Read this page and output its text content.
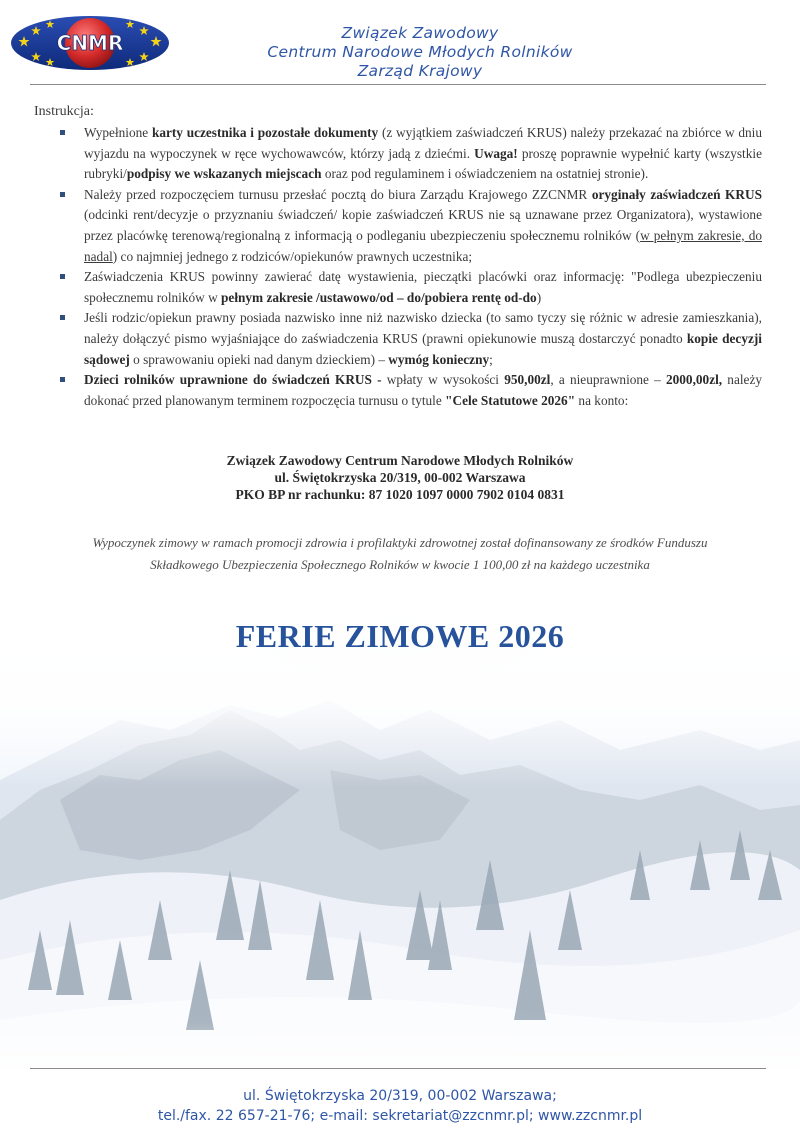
CNMR	Związek Zawodowy
Centrum Narodowe Młodych Rolników
Zarząd Krajowy
Instrukcja:
Wypełnione karty uczestnika i pozostałe dokumenty (z wyjątkiem zaświadczeń KRUS) należy przekazać na zbiórce w dniu wyjazdu na wypoczynek w ręce wychowawców, którzy jadą z dziećmi. Uwaga! proszę poprawnie wypełnić karty (wszystkie rubryki/podpisy we wskazanych miejscach oraz pod regulaminem i oświadczeniem na ostatniej stronie).
Należy przed rozpoczęciem turnusu przesłać pocztą do biura Zarządu Krajowego ZZCNMR oryginały zaświadczeń KRUS (odcinki rent/decyzje o przyznaniu świadczeń/ kopie zaświadczeń KRUS nie są uznawane przez Organizatora), wystawione przez placówkę terenową/regionalną z informacją o podleganiu ubezpieczeniu społecznemu rolników (w pełnym zakresie, do nadal) co najmniej jednego z rodziców/opiekunów prawnych uczestnika;
Zaświadczenia KRUS powinny zawierać datę wystawienia, pieczątki placówki oraz informację: "Podlega ubezpieczeniu społecznemu rolników w pełnym zakresie /ustawowo/od – do/pobiera rentę od-do)
Jeśli rodzic/opiekun prawny posiada nazwisko inne niż nazwisko dziecka (to samo tyczy się różnic w adresie zamieszkania), należy dołączyć pismo wyjaśniające do zaświadczenia KRUS (prawni opiekunowie muszą dostarczyć ponadto kopie decyzji sądowej o sprawowaniu opieki nad danym dzieckiem) – wymóg konieczny;
Dzieci rolników uprawnione do świadczeń KRUS - wpłaty w wysokości 950,00zl, a nieuprawnione – 2000,00zl, należy dokonać przed planowanym terminem rozpoczęcia turnusu o tytule "Cele Statutowe 2026" na konto:
Związek Zawodowy Centrum Narodowe Młodych Rolników
ul. Świętokrzyska 20/319, 00-002 Warszawa
PKO BP nr rachunku: 87 1020 1097 0000 7902 0104 0831
Wypoczynek zimowy w ramach promocji zdrowia i profilaktyki zdrowotnej został dofinansowany ze środków Funduszu
Składkowego Ubezpieczenia Społecznego Rolników w kwocie 1 100,00 zł na każdego uczestnika
FERIE ZIMOWE 2026
ul. Świętokrzyska 20/319, 00-002 Warszawa;
tel./fax. 22 657-21-76; e-mail: sekretariat@zzcnmr.pl; www.zzcnmr.pl
